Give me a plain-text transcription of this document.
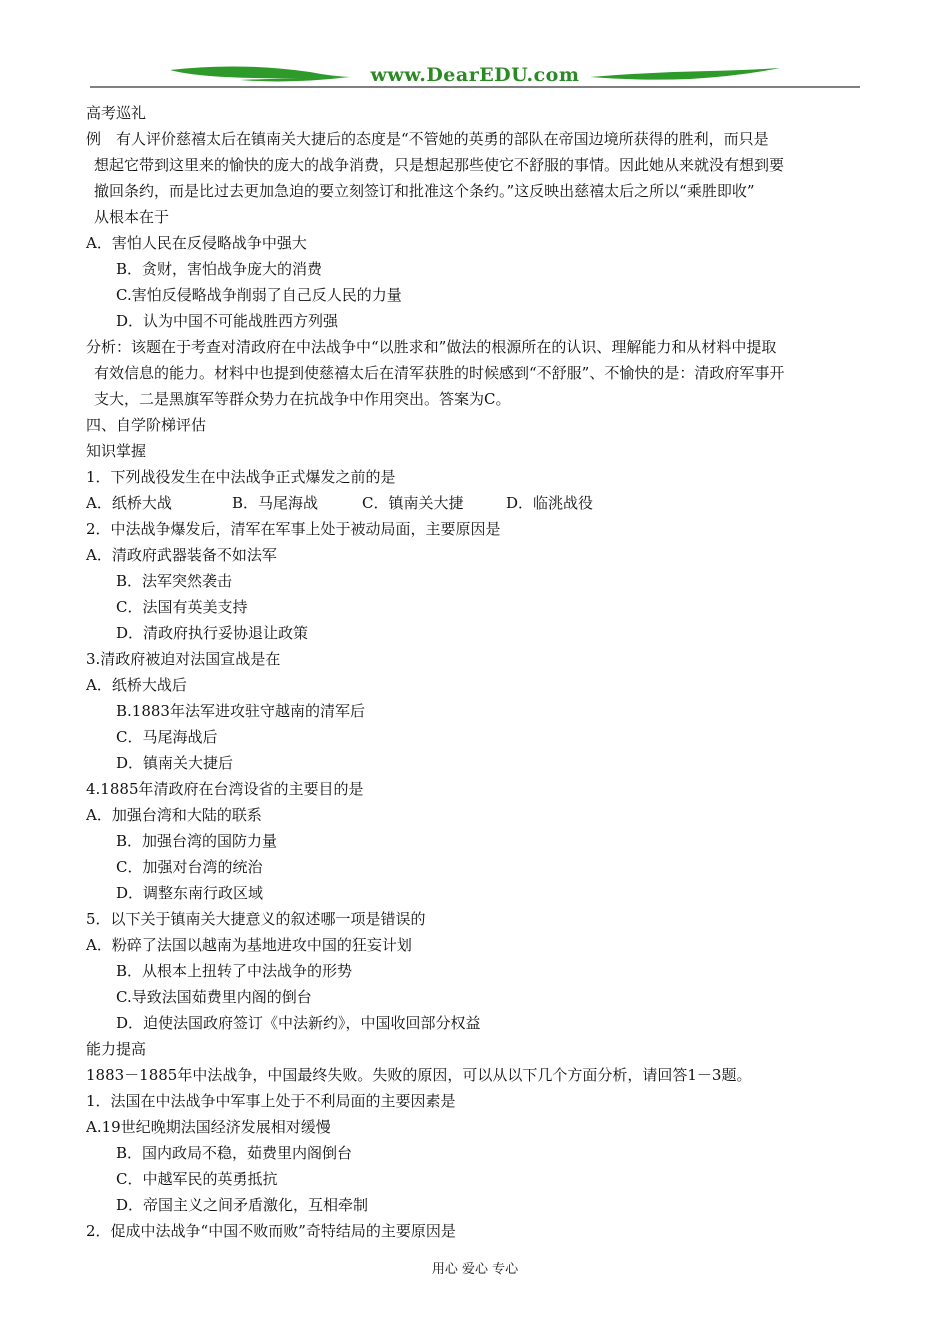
www.DearEDU.com
高考巡礼
例　有人评价慈禧太后在镇南关大捷后的态度是“不管她的英勇的部队在帝国边境所获得的胜利，而只是
想起它带到这里来的愉快的庞大的战争消费，只是想起那些使它不舒服的事情。因此她从来就没有想到要
撤回条约，而是比过去更加急迫的要立刻签订和批准这个条约。”这反映出慈禧太后之所以“乘胜即收”
从根本在于
A．害怕人民在反侵略战争中强大
B．贪财，害怕战争庞大的消费
C.害怕反侵略战争削弱了自己反人民的力量
D．认为中国不可能战胜西方列强
分析：该题在于考查对清政府在中法战争中“以胜求和”做法的根源所在的认识、理解能力和从材料中提取
有效信息的能力。材料中也提到使慈禧太后在清军获胜的时候感到“不舒服”、不愉快的是：清政府军事开
支大，二是黑旗军等群众势力在抗战争中作用突出。答案为C。
四、自学阶梯评估
知识掌握
1．下列战役发生在中法战争正式爆发之前的是
A．纸桥大战	B．马尾海战	C．镇南关大捷	D．临洮战役
2．中法战争爆发后，清军在军事上处于被动局面，主要原因是
A．清政府武器装备不如法军
B．法军突然袭击
C．法国有英美支持
D．清政府执行妥协退让政策
3.清政府被迫对法国宣战是在
A．纸桥大战后
B.1883年法军进攻驻守越南的清军后
C．马尾海战后
D．镇南关大捷后
4.1885年清政府在台湾设省的主要目的是
A．加强台湾和大陆的联系
B．加强台湾的国防力量
C．加强对台湾的统治
D．调整东南行政区域
5．以下关于镇南关大捷意义的叙述哪一项是错误的
A．粉碎了法国以越南为基地进攻中国的狂妄计划
B．从根本上扭转了中法战争的形势
C.导致法国茹费里内阁的倒台
D．迫使法国政府签订《中法新约》，中国收回部分权益
能力提高
1883－1885年中法战争，中国最终失败。失败的原因，可以从以下几个方面分析，请回答1－3题。
1．法国在中法战争中军事上处于不利局面的主要因素是
A.19世纪晚期法国经济发展相对缓慢
B．国内政局不稳，茹费里内阁倒台
C．中越军民的英勇抵抗
D．帝国主义之间矛盾激化，互相牵制
2．促成中法战争“中国不败而败”奇特结局的主要原因是
用心 爱心 专心
